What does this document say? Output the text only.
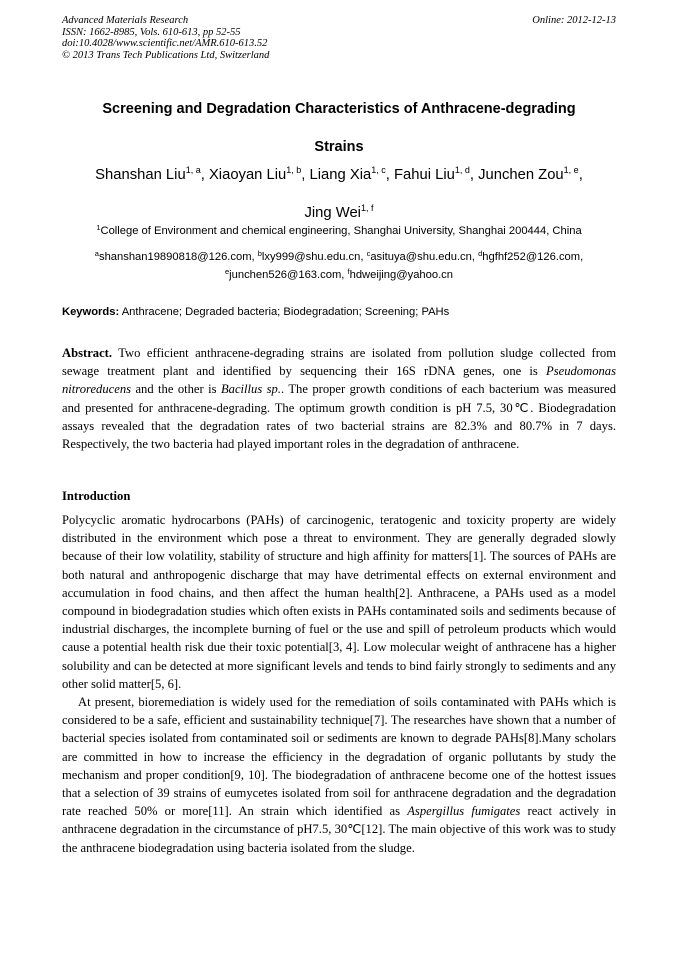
Advanced Materials Research
ISSN: 1662-8985, Vols. 610-613, pp 52-55
doi:10.4028/www.scientific.net/AMR.610-613.52
© 2013 Trans Tech Publications Ltd, Switzerland
Online: 2012-12-13
Screening and Degradation Characteristics of Anthracene-degrading
Strains
Shanshan Liu$^{1, a}$, Xiaoyan Liu$^{1, b}$, Liang Xia$^{1, c}$, Fahui Liu$^{1, d}$, Junchen Zou$^{1, e}$,
Jing Wei$^{1, f}$
$^1$College of Environment and chemical engineering, Shanghai University, Shanghai 200444, China
$^a$shanshan19890818@126.com, $^b$lxy999@shu.edu.cn, $^c$asituya@shu.edu.cn, $^d$hgfhf252@126.com,
$^e$junchen526@163.com, $^f$hdweijing@yahoo.cn
Keywords: Anthracene; Degraded bacteria; Biodegradation; Screening; PAHs
Abstract. Two efficient anthracene-degrading strains are isolated from pollution sludge collected from sewage treatment plant and identified by sequencing their 16S rDNA genes, one is Pseudomonas nitroreducens and the other is Bacillus sp.. The proper growth conditions of each bacterium was measured and presented for anthracene-degrading. The optimum growth condition is pH 7.5, 30℃. Biodegradation assays revealed that the degradation rates of two bacterial strains are 82.3% and 80.7% in 7 days. Respectively, the two bacteria had played important roles in the degradation of anthracene.
Introduction

Polycyclic aromatic hydrocarbons (PAHs) of carcinogenic, teratogenic and toxicity property are widely distributed in the environment which pose a threat to environment. They are generally degraded slowly because of their low volatility, stability of structure and high affinity for matters[1]. The sources of PAHs are both natural and anthropogenic discharge that may have detrimental effects on external environment and accumulation in food chains, and then affect the human health[2]. Anthracene, a PAHs used as a model compound in biodegradation studies which often exists in PAHs contaminated soils and sediments because of industrial discharges, the incomplete burning of fuel or the use and spill of petroleum products which would cause a potential health risk due their toxic potential[3, 4]. Low molecular weight of anthracene has a higher solubility and can be detected at more significant levels and tends to bind fairly strongly to sediments and any other solid matter[5, 6].

At present, bioremediation is widely used for the remediation of soils contaminated with PAHs which is considered to be a safe, efficient and sustainability technique[7]. The researches have shown that a number of bacterial species isolated from contaminated soil or sediments are known to degrade PAHs[8].Many scholars are committed in how to increase the efficiency in the degradation of organic pollutants by study the mechanism and proper condition[9, 10]. The biodegradation of anthracene become one of the hottest issues that a selection of 39 strains of eumycetes isolated from soil for anthracene degradation and the degradation rate reached 50% or more[11]. An strain which identified as Aspergillus fumigates react actively in anthracene degradation in the circumstance of pH7.5, 30℃[12]. The main objective of this work was to study the anthracene biodegradation using bacteria isolated from the sludge.
